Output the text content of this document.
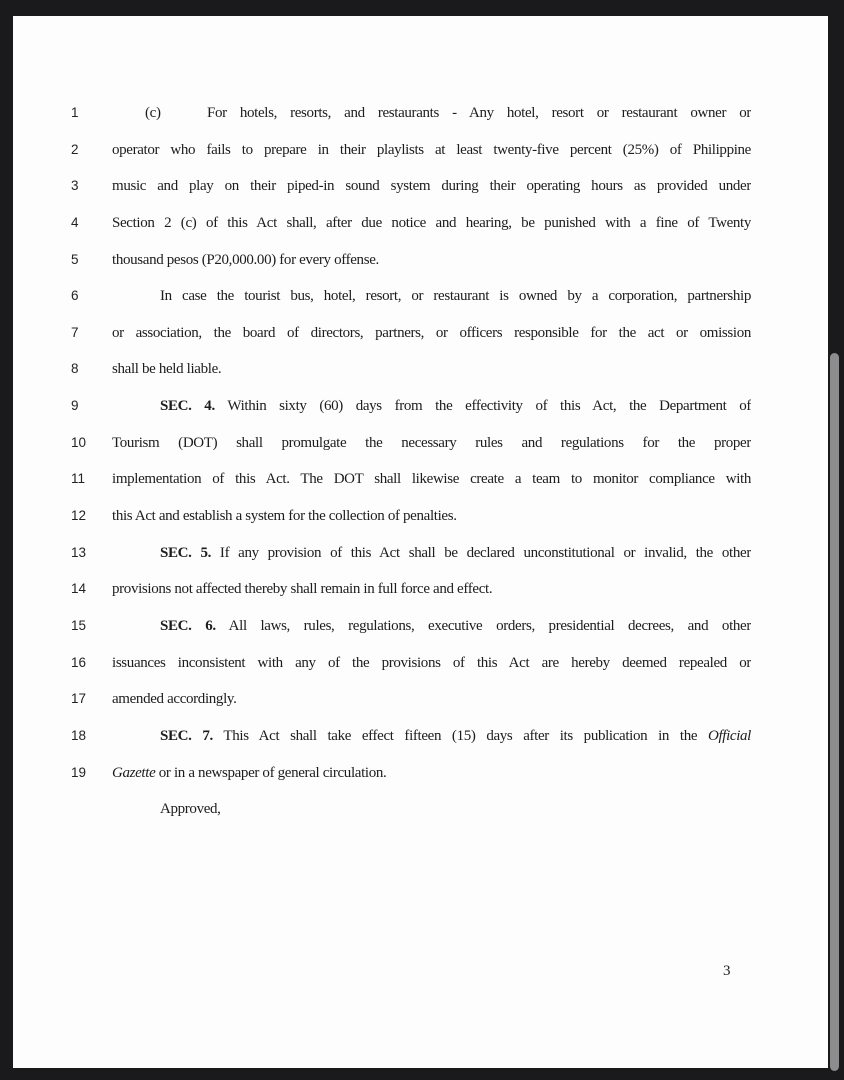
1	(c)	For hotels, resorts, and restaurants - Any hotel, resort or restaurant owner or
2	operator who fails to prepare in their playlists at least twenty-five percent (25%) of Philippine
3	music and play on their piped-in sound system during their operating hours as provided under
4	Section 2 (c) of this Act shall, after due notice and hearing, be punished with a fine of Twenty
5	thousand pesos (P20,000.00) for every offense.
6	In case the tourist bus, hotel, resort, or restaurant is owned by a corporation, partnership
7	or association, the board of directors, partners, or officers responsible for the act or omission
8	shall be held liable.
9	SEC. 4. Within sixty (60) days from the effectivity of this Act, the Department of
10	Tourism (DOT) shall promulgate the necessary rules and regulations for the proper
11	implementation of this Act. The DOT shall likewise create a team to monitor compliance with
12	this Act and establish a system for the collection of penalties.
13	SEC. 5. If any provision of this Act shall be declared unconstitutional or invalid, the other
14	provisions not affected thereby shall remain in full force and effect.
15	SEC. 6. All laws, rules, regulations, executive orders, presidential decrees, and other
16	issuances inconsistent with any of the provisions of this Act are hereby deemed repealed or
17	amended accordingly.
18	SEC. 7. This Act shall take effect fifteen (15) days after its publication in the Official
19	Gazette or in a newspaper of general circulation.
Approved,
3
